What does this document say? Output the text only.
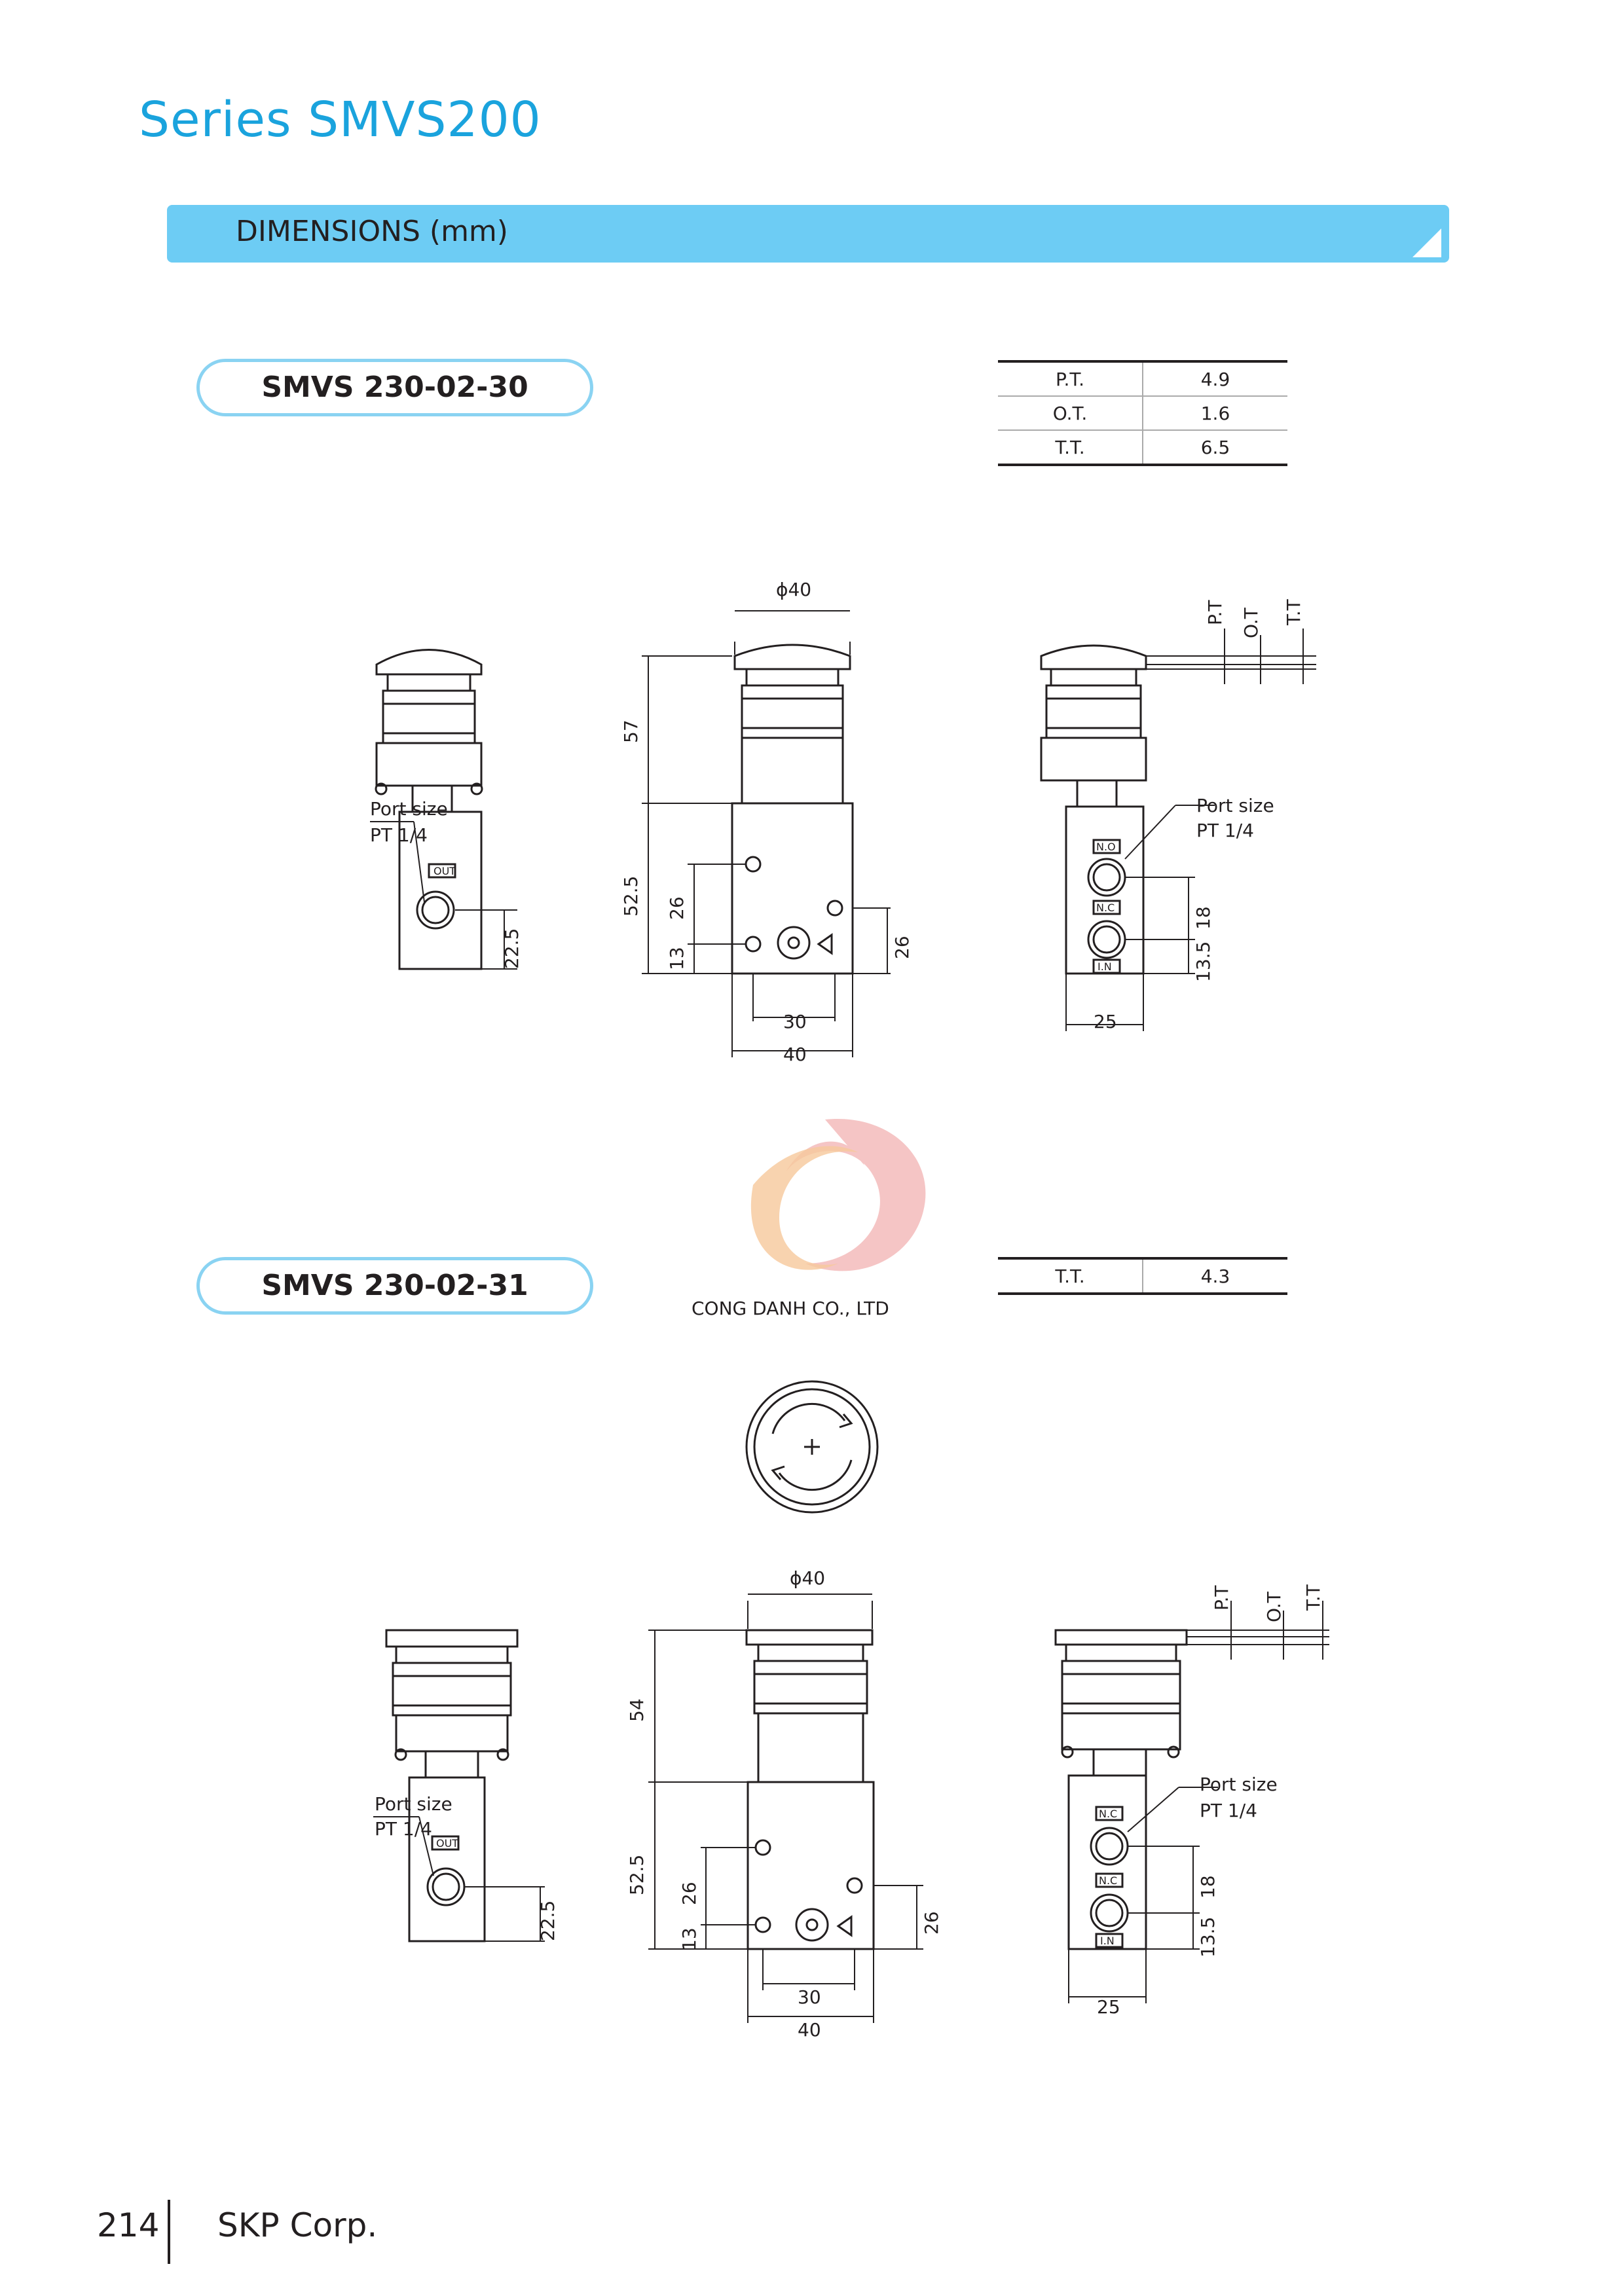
Series SMVS200
DIMENSIONS (mm)
SMVS 230-02-30	P.T.	4.9
O.T.	1.6
T.T.	6.5
Port size
PT 1/4
OUT
22.5
ϕ40
57
52.5 26
13	26
30
40
Port size
PT 1/4
N.O
N.C
I.N
18
13.5
25
P.T O.T T.T
CONG DANH CO., LTD
SMVS 230-02-31	T.T.	4.3
Port size
PT 1/4
OUT
22.5
ϕ40
54
52.5 26
13
26
30
40
Port size
PT 1/4
N.C
N.C
I.N
18
13.5
25
P.T O.T T.T
214 SKP Corp.
